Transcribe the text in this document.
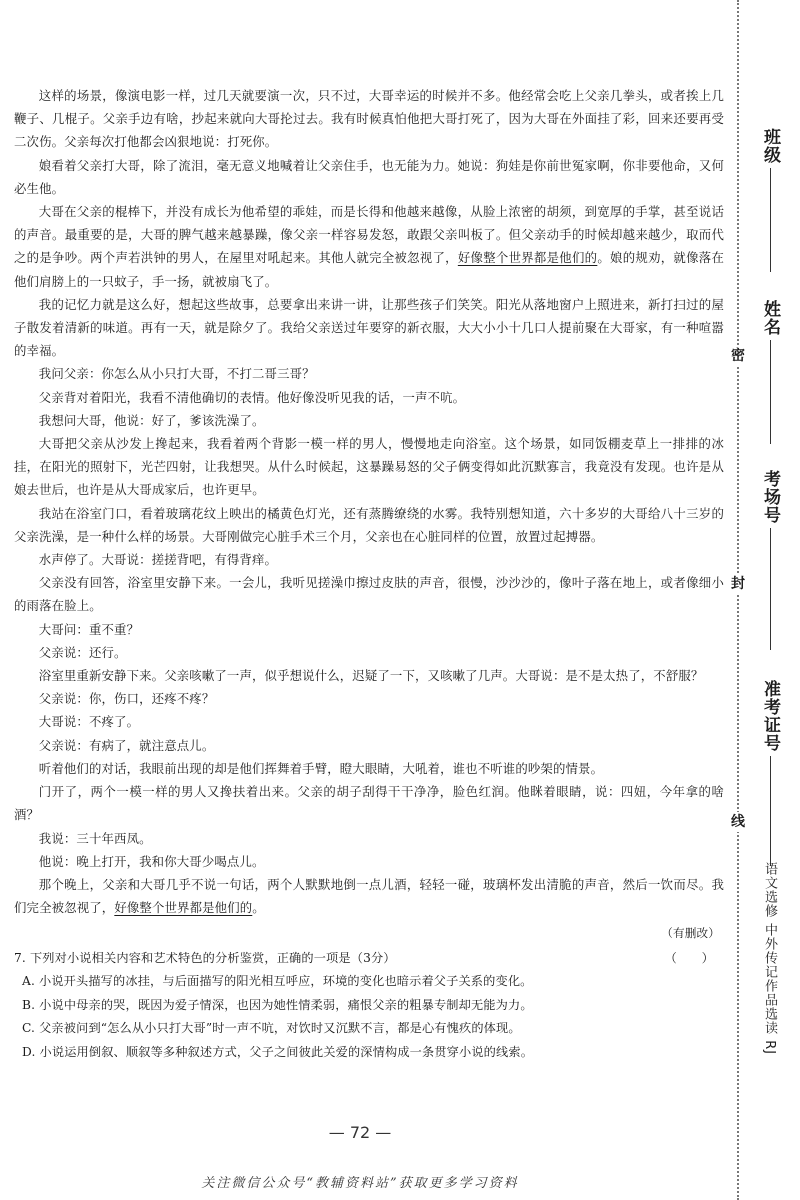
这样的场景，像演电影一样，过几天就要演一次，只不过，大哥幸运的时候并不多。他经常会吃上父亲几拳头，或者挨上几鞭子、几棍子。父亲手边有啥，抄起来就向大哥抡过去。我有时候真怕他把大哥打死了，因为大哥在外面挂了彩，回来还要再受二次伤。父亲每次打他都会凶狠地说：打死你。
娘看着父亲打大哥，除了流泪，毫无意义地喊着让父亲住手，也无能为力。她说：狗娃是你前世冤家啊，你非要他命，又何必生他。
大哥在父亲的棍棒下，并没有成长为他希望的乖娃，而是长得和他越来越像，从脸上浓密的胡须，到宽厚的手掌，甚至说话的声音。最重要的是，大哥的脾气越来越暴躁，像父亲一样容易发怒，敢跟父亲叫板了。但父亲动手的时候却越来越少，取而代之的是争吵。两个声若洪钟的男人，在屋里对吼起来。其他人就完全被忽视了，好像整个世界都是他们的。娘的规劝，就像落在他们肩膀上的一只蚊子，手一扬，就被扇飞了。
我的记忆力就是这么好，想起这些故事，总要拿出来讲一讲，让那些孩子们笑笑。阳光从落地窗户上照进来，新打扫过的屋子散发着清新的味道。再有一天，就是除夕了。我给父亲送过年要穿的新衣服，大大小小十几口人提前聚在大哥家，有一种喧嚣的幸福。
我问父亲：你怎么从小只打大哥，不打二哥三哥？
父亲背对着阳光，我看不清他确切的表情。他好像没听见我的话，一声不吭。
我想问大哥，他说：好了，爹该洗澡了。
大哥把父亲从沙发上搀起来，我看着两个背影一模一样的男人，慢慢地走向浴室。这个场景，如同饭棚麦草上一排排的冰挂，在阳光的照射下，光芒四射，让我想哭。从什么时候起，这暴躁易怒的父子俩变得如此沉默寡言，我竟没有发现。也许是从娘去世后，也许是从大哥成家后，也许更早。
我站在浴室门口，看着玻璃花纹上映出的橘黄色灯光，还有蒸腾缭绕的水雾。我特别想知道，六十多岁的大哥给八十三岁的父亲洗澡，是一种什么样的场景。大哥刚做完心脏手术三个月，父亲也在心脏同样的位置，放置过起搏器。
水声停了。大哥说：搓搓背吧，有得背痒。
父亲没有回答，浴室里安静下来。一会儿，我听见搓澡巾擦过皮肤的声音，很慢，沙沙沙的，像叶子落在地上，或者像细小的雨落在脸上。
大哥问：重不重？
父亲说：还行。
浴室里重新安静下来。父亲咳嗽了一声，似乎想说什么，迟疑了一下，又咳嗽了几声。大哥说：是不是太热了，不舒服？
父亲说：你，伤口，还疼不疼？
大哥说：不疼了。
父亲说：有病了，就注意点儿。
听着他们的对话，我眼前出现的却是他们挥舞着手臂，瞪大眼睛，大吼着，谁也不听谁的吵架的情景。
门开了，两个一模一样的男人又搀扶着出来。父亲的胡子刮得干干净净，脸色红润。他眯着眼睛，说：四妞，今年拿的啥酒？
我说：三十年西凤。
他说：晚上打开，我和你大哥少喝点儿。
那个晚上，父亲和大哥几乎不说一句话，两个人默默地倒一点儿酒，轻轻一碰，玻璃杯发出清脆的声音，然后一饮而尽。我们完全被忽视了，好像整个世界都是他们的。
（有删改）
7. 下列对小说相关内容和艺术特色的分析鉴赏，正确的一项是（3分）	（　　）
A. 小说开头描写的冰挂，与后面描写的阳光相互呼应，环境的变化也暗示着父子关系的变化。
B. 小说中母亲的哭，既因为爱子情深，也因为她性情柔弱，痛恨父亲的粗暴专制却无能为力。
C. 父亲被问到“怎么从小只打大哥”时一声不吭，对饮时又沉默不言，都是心有愧疚的体现。
D. 小说运用倒叙、顺叙等多种叙述方式，父子之间彼此关爱的深情构成一条贯穿小说的线索。
— 72 —
关注微信公众号“教辅资料站”获取更多学习资料
班级
姓名
考场号
准考证号
密
封
线
语文选修 中外传记作品选读 RJ
